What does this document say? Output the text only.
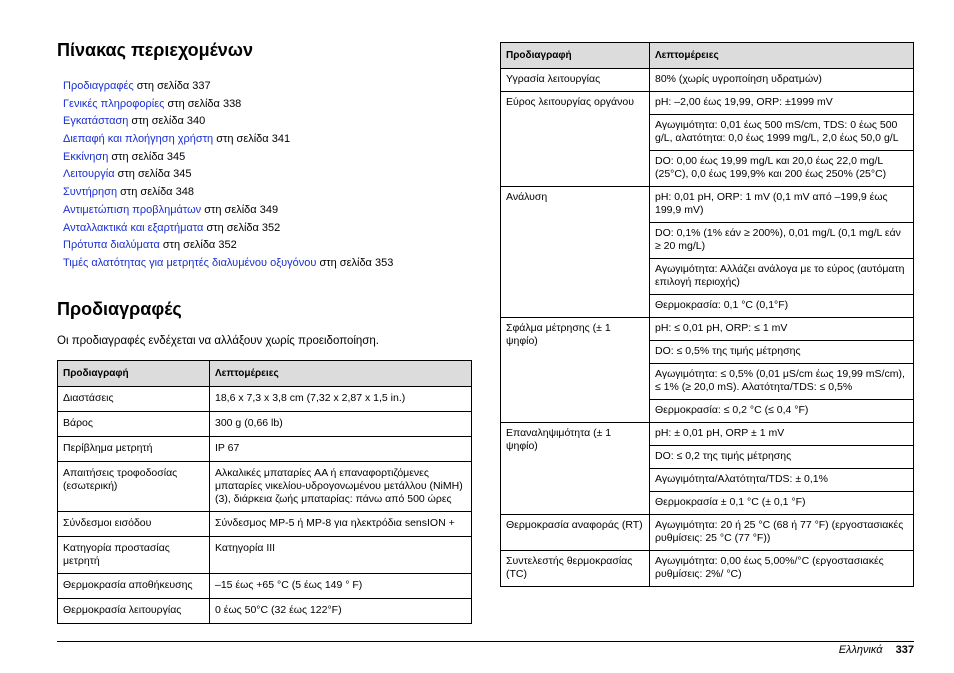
Πίνακας περιεχομένων
Προδιαγραφές στη σελίδα 337
Γενικές πληροφορίες στη σελίδα 338
Εγκατάσταση στη σελίδα 340
Διεπαφή και πλοήγηση χρήστη στη σελίδα 341
Εκκίνηση στη σελίδα 345
Λειτουργία στη σελίδα 345
Συντήρηση στη σελίδα 348
Αντιμετώπιση προβλημάτων στη σελίδα 349
Ανταλλακτικά και εξαρτήματα στη σελίδα 352
Πρότυπα διαλύματα στη σελίδα 352
Τιμές αλατότητας για μετρητές διαλυμένου οξυγόνου στη σελίδα 353
Προδιαγραφές

Οι προδιαγραφές ενδέχεται να αλλάξουν χωρίς προειδοποίηση.

Προδιαγραφή	Λεπτομέρειες
Διαστάσεις	18,6 x 7,3 x 3,8 cm (7,32 x 2,87 x 1,5 in.)
Βάρος	300 g (0,66 lb)
Περίβλημα μετρητή	IP 67
Απαιτήσεις τροφοδοσίας (εσωτερική)	Αλκαλικές μπαταρίες AA ή επαναφορτιζόμενες μπαταρίες νικελίου-υδρογονωμένου μετάλλου (NiMH) (3), διάρκεια ζωής μπαταρίας: πάνω από 500 ώρες
Σύνδεσμοι εισόδου	Σύνδεσμος MP-5 ή MP-8 για ηλεκτρόδια sensION +
Κατηγορία προστασίας μετρητή	Κατηγορία III
Θερμοκρασία αποθήκευσης	–15 έως +65 °C (5 έως 149 ° F)
Θερμοκρασία λειτουργίας	0 έως 50°C (32 έως 122°F)
Προδιαγραφή	Λεπτομέρειες
Υγρασία λειτουργίας	80% (χωρίς υγροποίηση υδρατμών)
Εύρος λειτουργίας οργάνου	pH: –2,00 έως 19,99, ORP: ±1999 mV
	Αγωγιμότητα: 0,01 έως 500 mS/cm, TDS: 0 έως 500 g/L, αλατότητα: 0,0 έως 1999 mg/L, 2,0 έως 50,0 g/L
	DO: 0,00 έως 19,99 mg/L και 20,0 έως 22,0 mg/L (25°C), 0,0 έως 199,9% και 200 έως 250% (25°C)
Ανάλυση	pH: 0,01 pH, ORP: 1 mV (0,1 mV από –199,9 έως 199,9 mV)
	DO: 0,1% (1% εάν ≥ 200%), 0,01 mg/L (0,1 mg/L εάν ≥ 20 mg/L)
	Αγωγιμότητα: Αλλάζει ανάλογα με το εύρος (αυτόματη επιλογή περιοχής)
	Θερμοκρασία: 0,1 °C (0,1°F)
Σφάλμα μέτρησης (± 1 ψηφίο)	pH: ≤ 0,01 pH, ORP: ≤ 1 mV
	DO: ≤ 0,5% της τιμής μέτρησης
	Αγωγιμότητα: ≤ 0,5% (0,01 μS/cm έως 19,99 mS/cm), ≤ 1% (≥ 20,0 mS). Αλατότητα/TDS: ≤ 0,5%
	Θερμοκρασία: ≤ 0,2 °C (≤ 0,4 °F)
Επαναληψιμότητα (± 1 ψηφίο)	pH: ± 0,01 pH, ORP ± 1 mV
	DO: ≤ 0,2 της τιμής μέτρησης
	Αγωγιμότητα/Αλατότητα/TDS: ± 0,1%
	Θερμοκρασία ± 0,1 °C (± 0,1 °F)
Θερμοκρασία αναφοράς (RT)	Αγωγιμότητα: 20 ή 25 °C (68 ή 77 °F) (εργοστασιακές ρυθμίσεις: 25 °C (77 °F))
Συντελεστής θερμοκρασίας (TC)	Αγωγιμότητα: 0,00 έως 5,00%/°C (εργοστασιακές ρυθμίσεις: 2%/ °C)
Ελληνικά 337
